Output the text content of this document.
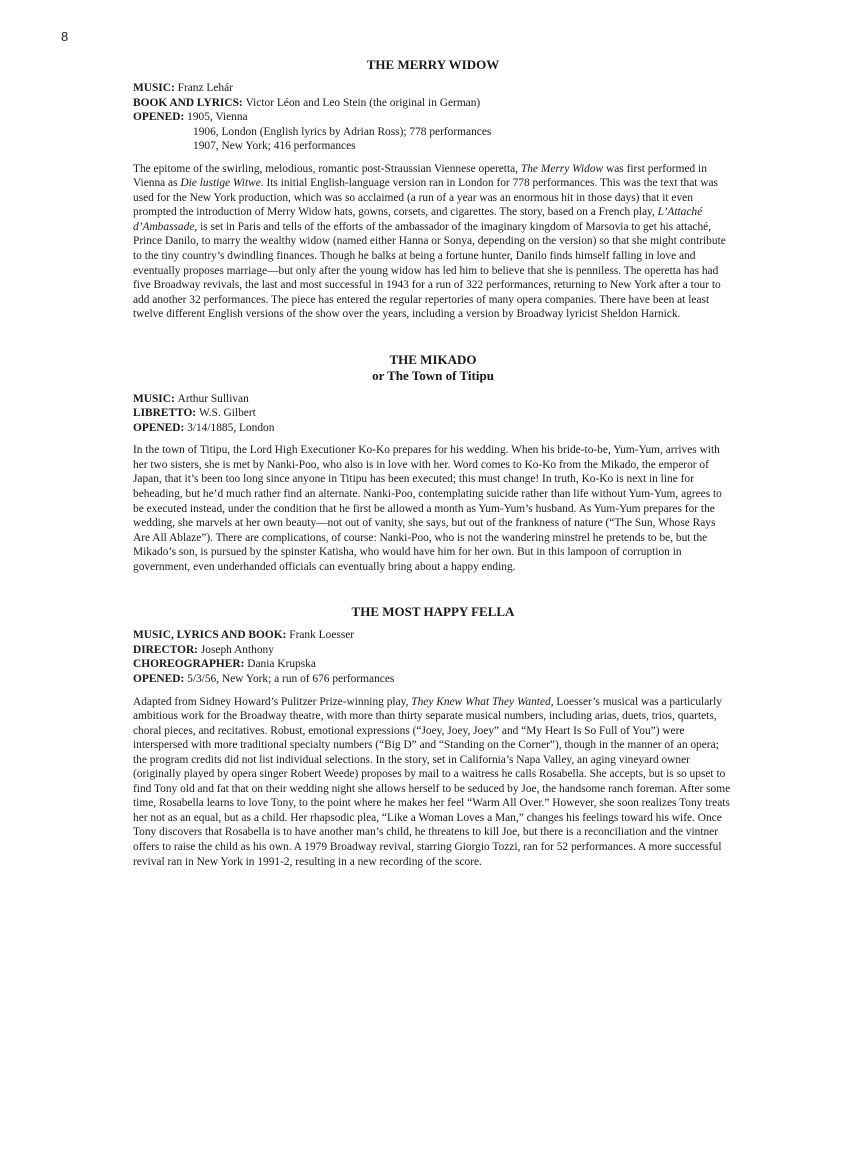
8
THE MERRY WIDOW
MUSIC: Franz Lehár
BOOK AND LYRICS: Victor Léon and Leo Stein (the original in German)
OPENED: 1905, Vienna
1906, London (English lyrics by Adrian Ross); 778 performances
1907, New York; 416 performances

The epitome of the swirling, melodious, romantic post-Straussian Viennese operetta, The Merry Widow was first performed in Vienna as Die lustige Witwe. Its initial English-language version ran in London for 778 performances. This was the text that was used for the New York production, which was so acclaimed (a run of a year was an enormous hit in those days) that it even prompted the introduction of Merry Widow hats, gowns, corsets, and cigarettes. The story, based on a French play, L’Attaché d’Ambassade, is set in Paris and tells of the efforts of the ambassador of the imaginary kingdom of Marsovia to get his attaché, Prince Danilo, to marry the wealthy widow (named either Hanna or Sonya, depending on the version) so that she might contribute to the tiny country’s dwindling finances. Though he balks at being a fortune hunter, Danilo finds himself falling in love and eventually proposes marriage—but only after the young widow has led him to believe that she is penniless. The operetta has had five Broadway revivals, the last and most successful in 1943 for a run of 322 performances, returning to New York after a tour to add another 32 performances. The piece has entered the regular repertories of many opera companies. There have been at least twelve different English versions of the show over the years, including a version by Broadway lyricist Sheldon Harnick.

THE MIKADO
or The Town of Titipu
MUSIC: Arthur Sullivan
LIBRETTO: W.S. Gilbert
OPENED: 3/14/1885, London

In the town of Titipu, the Lord High Executioner Ko-Ko prepares for his wedding. When his bride-to-be, Yum-Yum, arrives with her two sisters, she is met by Nanki-Poo, who also is in love with her. Word comes to Ko-Ko from the Mikado, the emperor of Japan, that it’s been too long since anyone in Titipu has been executed; this must change! In truth, Ko-Ko is next in line for beheading, but he’d much rather find an alternate. Nanki-Poo, contemplating suicide rather than life without Yum-Yum, agrees to be executed instead, under the condition that he first be allowed a month as Yum-Yum’s husband. As Yum-Yum prepares for the wedding, she marvels at her own beauty—not out of vanity, she says, but out of the frankness of nature (“The Sun, Whose Rays Are All Ablaze”). There are complications, of course: Nanki-Poo, who is not the wandering minstrel he pretends to be, but the Mikado’s son, is pursued by the spinster Katisha, who would have him for her own. But in this lampoon of corruption in government, even underhanded officials can eventually bring about a happy ending.

THE MOST HAPPY FELLA
MUSIC, LYRICS AND BOOK: Frank Loesser
DIRECTOR: Joseph Anthony
CHOREOGRAPHER: Dania Krupska
OPENED: 5/3/56, New York; a run of 676 performances

Adapted from Sidney Howard’s Pulitzer Prize-winning play, They Knew What They Wanted, Loesser’s musical was a particularly ambitious work for the Broadway theatre, with more than thirty separate musical numbers, including arias, duets, trios, quartets, choral pieces, and recitatives. Robust, emotional expressions (“Joey, Joey, Joey” and “My Heart Is So Full of You”) were interspersed with more traditional specialty numbers (“Big D” and “Standing on the Corner”), though in the manner of an opera; the program credits did not list individual selections. In the story, set in California’s Napa Valley, an aging vineyard owner (originally played by opera singer Robert Weede) proposes by mail to a waitress he calls Rosabella. She accepts, but is so upset to find Tony old and fat that on their wedding night she allows herself to be seduced by Joe, the handsome ranch foreman. After some time, Rosabella learns to love Tony, to the point where he makes her feel “Warm All Over.” However, she soon realizes Tony treats her not as an equal, but as a child. Her rhapsodic plea, “Like a Woman Loves a Man,” changes his feelings toward his wife. Once Tony discovers that Rosabella is to have another man’s child, he threatens to kill Joe, but there is a reconciliation and the vintner offers to raise the child as his own. A 1979 Broadway revival, starring Giorgio Tozzi, ran for 52 performances. A more successful revival ran in New York in 1991-2, resulting in a new recording of the score.
